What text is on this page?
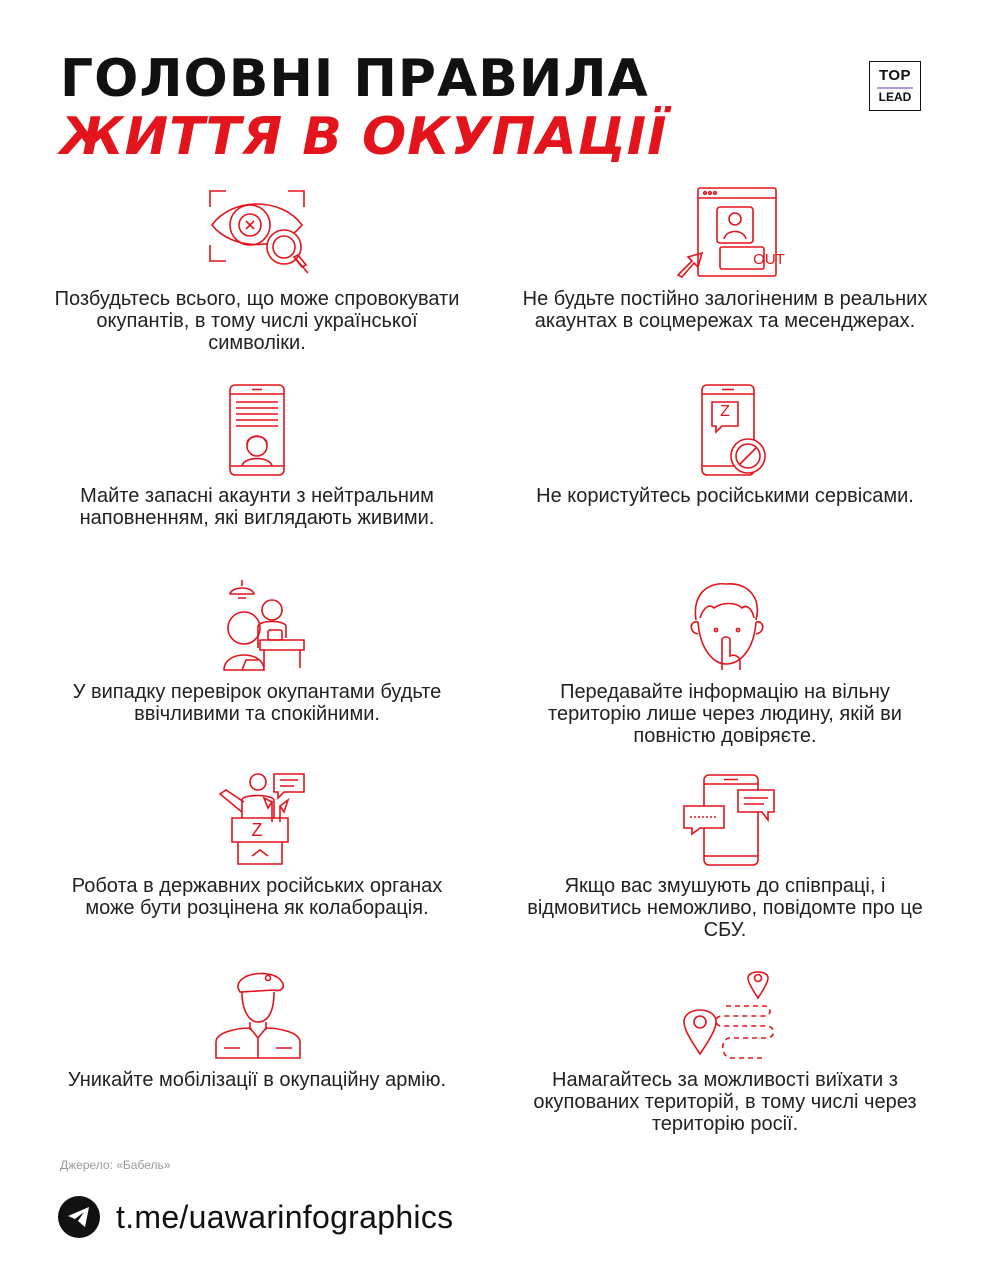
ГОЛОВНІ ПРАВИЛА
ЖИТТЯ В ОКУПАЦІЇ
TOP
LEAD
Позбудьтесь всього, що може спровокувати окупантів, в тому числі української символіки.
Не будьте постійно залогіненим в реальних акаунтах в соцмережах та месенджерах.
OUT
Майте запасні акаунти з нейтральним наповненням, які виглядають живими.
Не користуйтесь російськими сервісами.
Z
У випадку перевірок окупантами будьте ввічливими та спокійними.
Передавайте інформацію на вільну територію лише через людину, якій ви повністю довіряєте.
Робота в державних російських органах може бути розцінена як колаборація.
Z
Якщо вас змушують до співпраці, і відмовитись неможливо, повідомте про це СБУ.
Уникайте мобілізації в окупаційну армію.	Намагайтесь за можливості виїхати з окупованих територій, в тому числі через територію росії.
Джерело: «Бабель»
t.me/uawarinfographics
